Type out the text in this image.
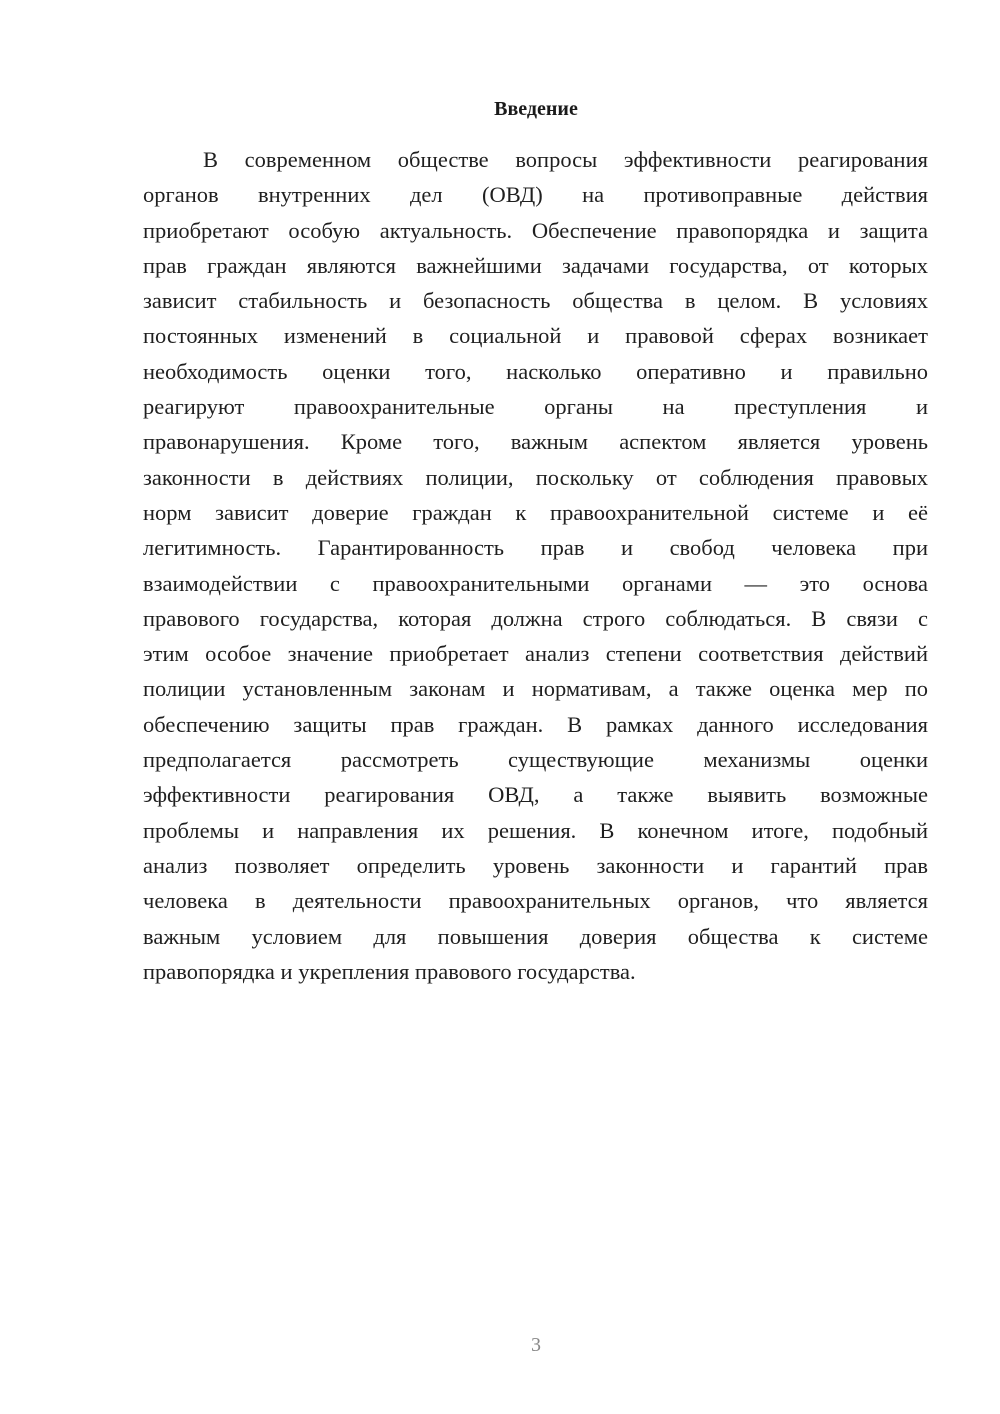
Введение
В современном обществе вопросы эффективности реагирования
органов внутренних дел (ОВД) на противоправные действия
приобретают особую актуальность. Обеспечение правопорядка и защита
прав граждан являются важнейшими задачами государства, от которых
зависит стабильность и безопасность общества в целом. В условиях
постоянных изменений в социальной и правовой сферах возникает
необходимость оценки того, насколько оперативно и правильно
реагируют правоохранительные органы на преступления и
правонарушения. Кроме того, важным аспектом является уровень
законности в действиях полиции, поскольку от соблюдения правовых
норм зависит доверие граждан к правоохранительной системе и её
легитимность. Гарантированность прав и свобод человека при
взаимодействии с правоохранительными органами — это основа
правового государства, которая должна строго соблюдаться. В связи с
этим особое значение приобретает анализ степени соответствия действий
полиции установленным законам и нормативам, а также оценка мер по
обеспечению защиты прав граждан. В рамках данного исследования
предполагается рассмотреть существующие механизмы оценки
эффективности реагирования ОВД, а также выявить возможные
проблемы и направления их решения. В конечном итоге, подобный
анализ позволяет определить уровень законности и гарантий прав
человека в деятельности правоохранительных органов, что является
важным условием для повышения доверия общества к системе
правопорядка и укрепления правового государства.
3
